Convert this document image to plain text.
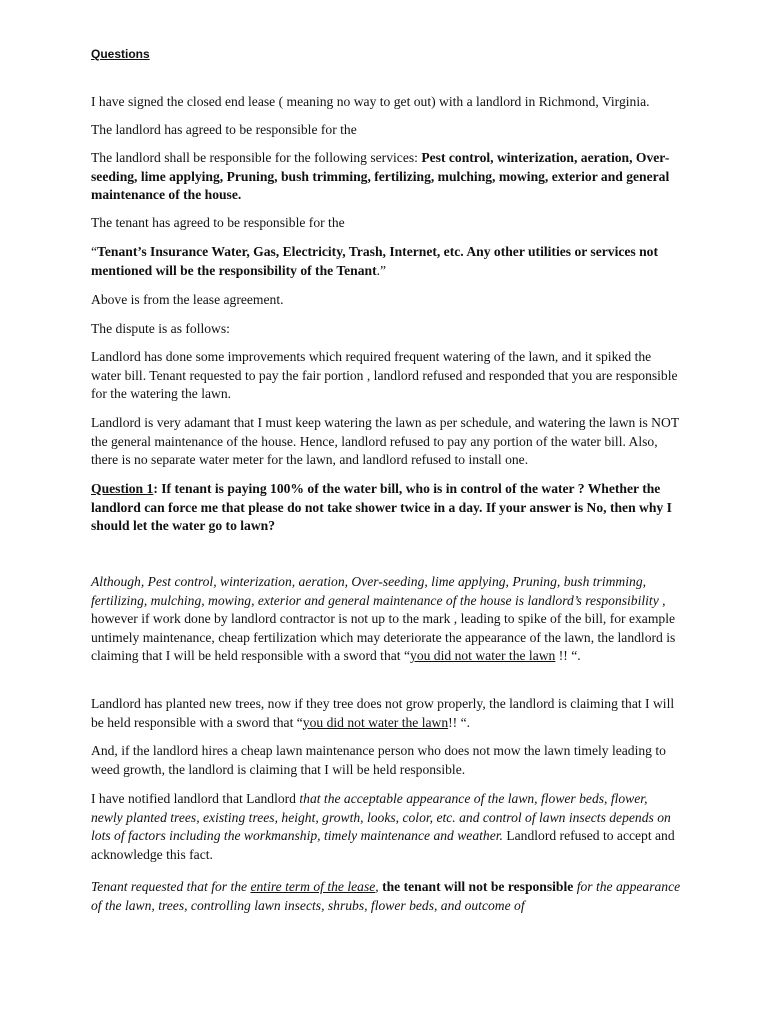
Questions

I have signed the closed end lease ( meaning no way to get out) with a landlord in Richmond, Virginia.

The landlord has agreed to be responsible for the

The landlord shall be responsible for the following services: Pest control, winterization, aeration, Over-seeding, lime applying, Pruning, bush trimming, fertilizing, mulching, mowing, exterior and general maintenance of the house.

The tenant has agreed to be responsible for the

“Tenant’s Insurance Water, Gas, Electricity, Trash, Internet, etc. Any other utilities or services not mentioned will be the responsibility of the Tenant.”

Above is from the lease agreement.

The dispute is as follows:

Landlord has done some improvements which required frequent watering of the lawn, and it spiked the water bill. Tenant requested to pay the fair portion , landlord refused and responded that you are responsible for the watering the lawn.

Landlord is very adamant that I must keep watering the lawn as per schedule, and watering the lawn is NOT the general maintenance of the house. Hence, landlord refused to pay any portion of the water bill. Also, there is no separate water meter for the lawn, and landlord refused to install one.

Question 1: If tenant is paying 100% of the water bill, who is in control of the water ? Whether the landlord can force me that please do not take shower twice in a day. If your answer is No, then why I should let the water go to lawn?

Although, Pest control, winterization, aeration, Over-seeding, lime applying, Pruning, bush trimming, fertilizing, mulching, mowing, exterior and general maintenance of the house is landlord’s responsibility , however if work done by landlord contractor is not up to the mark , leading to spike of the bill, for example untimely maintenance, cheap fertilization which may deteriorate the appearance of the lawn, the landlord is claiming that I will be held responsible with a sword that “you did not water the lawn !! “.

Landlord has planted new trees, now if they tree does not grow properly, the landlord is claiming that I will be held responsible with a sword that “you did not water the lawn!! “.

And, if the landlord hires a cheap lawn maintenance person who does not mow the lawn timely leading to weed growth, the landlord is claiming that I will be held responsible.

I have notified landlord that Landlord that the acceptable appearance of the lawn, flower beds, flower, newly planted trees, existing trees, height, growth, looks, color, etc. and control of lawn insects depends on lots of factors including the workmanship, timely maintenance and weather. Landlord refused to accept and acknowledge this fact.

Tenant requested that for the entire term of the lease, the tenant will not be responsible for the appearance of the lawn, trees, controlling lawn insects, shrubs, flower beds, and outcome of
